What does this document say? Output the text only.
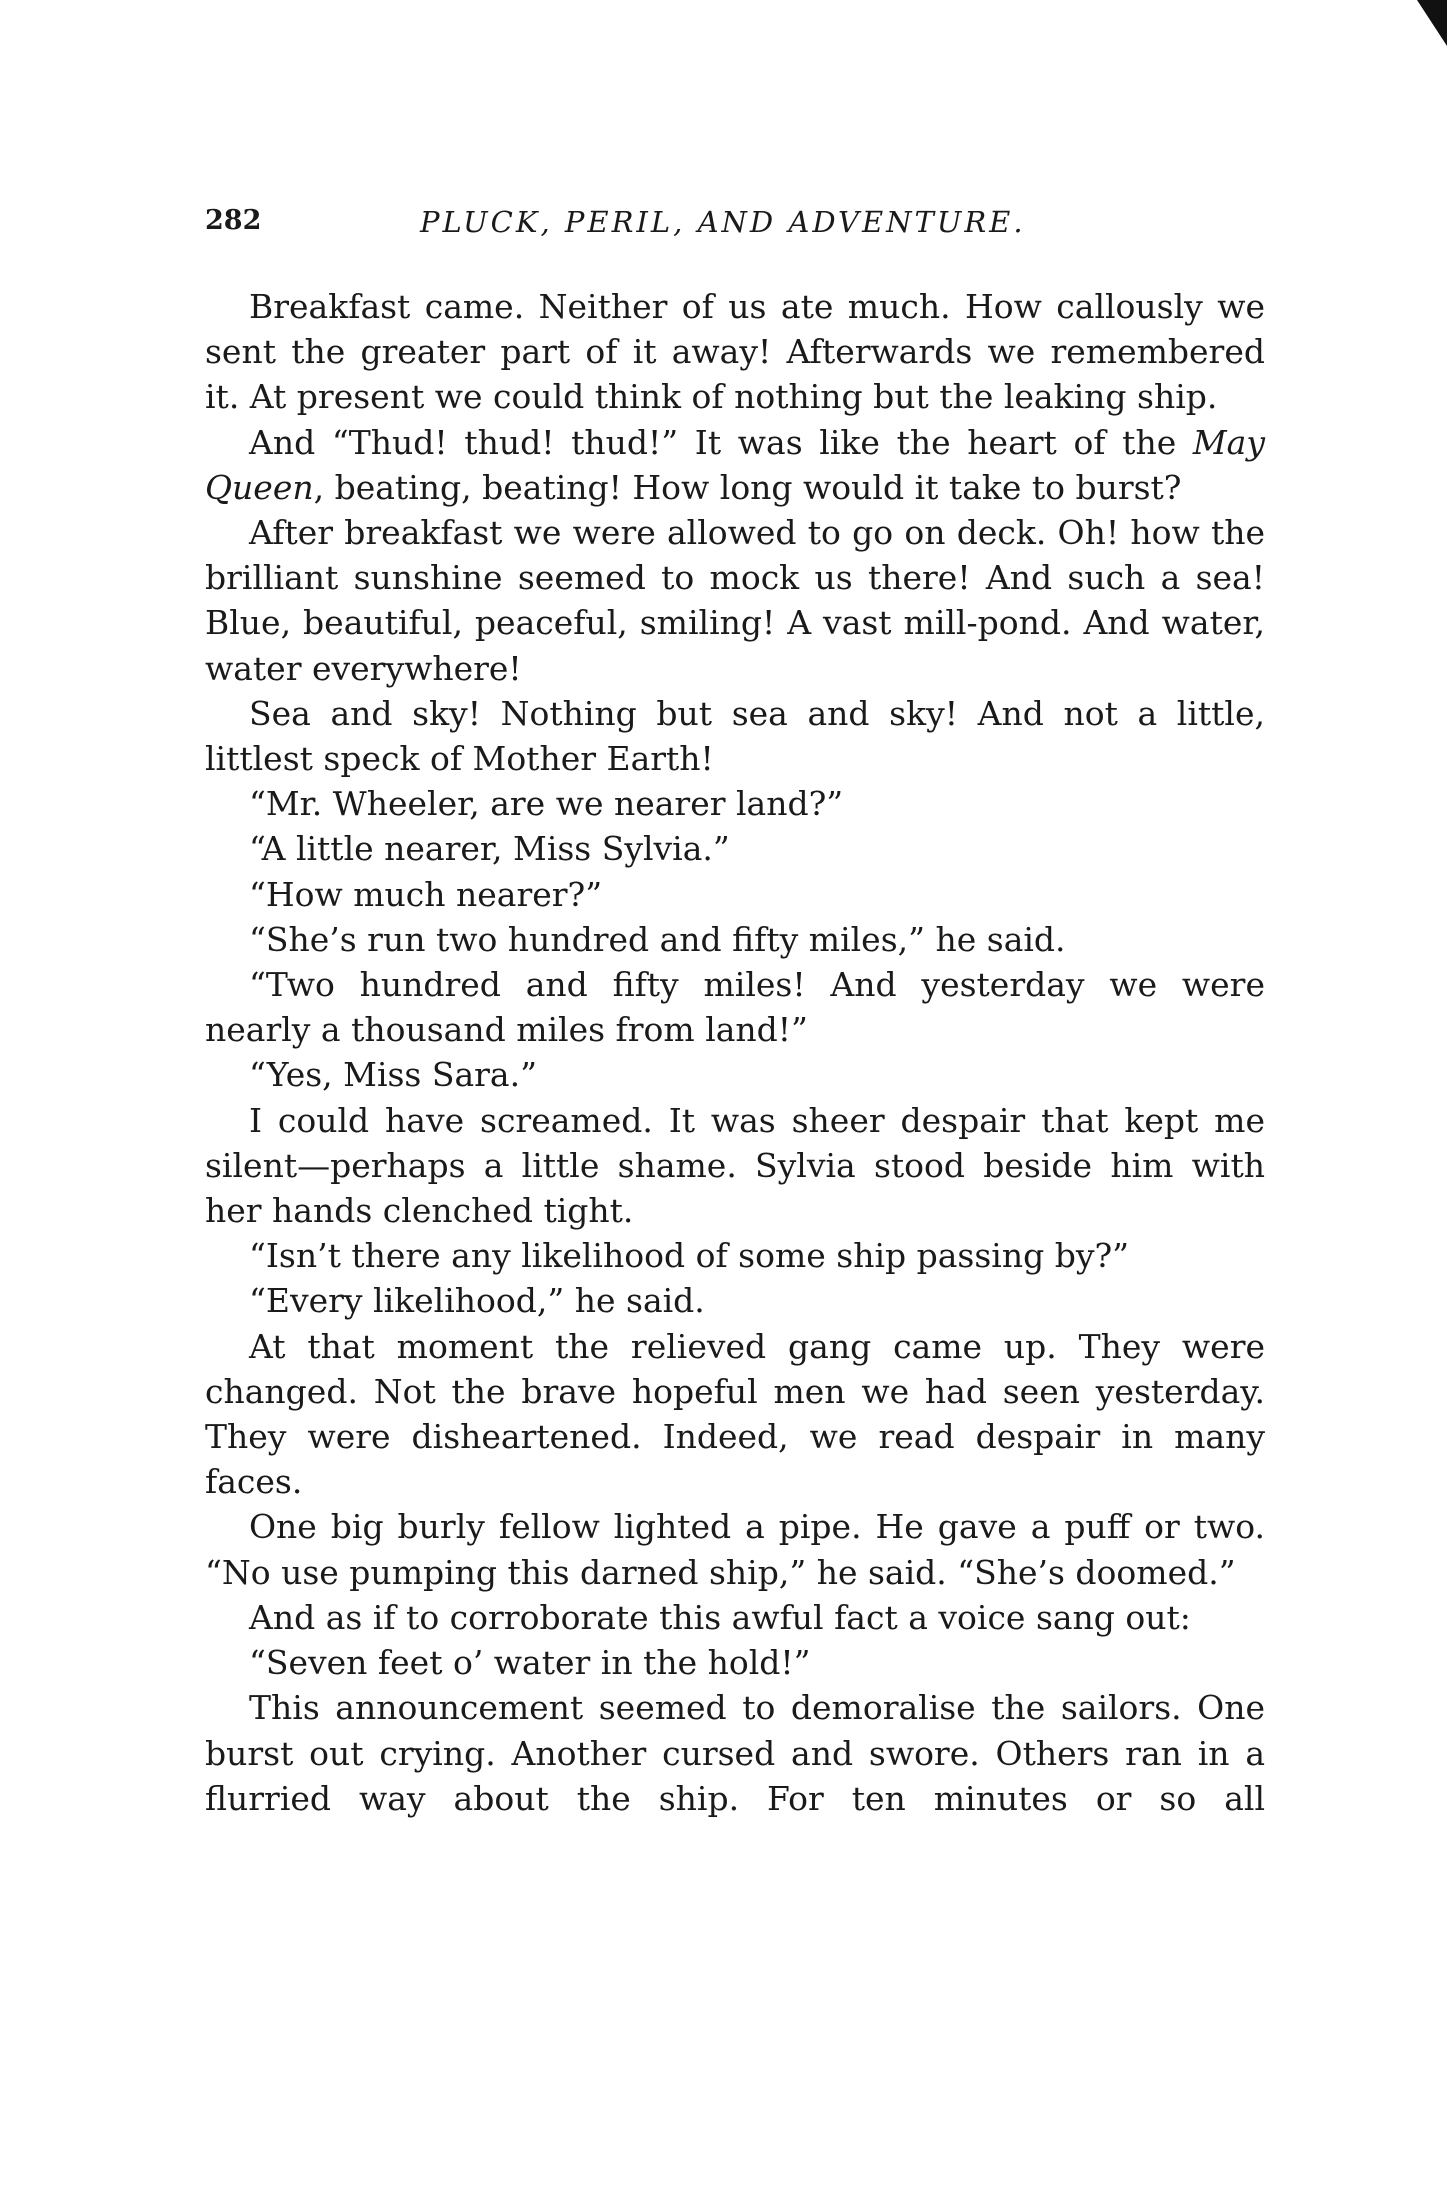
282	PLUCK, PERIL, AND ADVENTURE.

Breakfast came. Neither of us ate much. How callously we sent the greater part of it away! Afterwards we remembered it. At present we could think of nothing but the leaking ship.

And “Thud! thud! thud!” It was like the heart of the May Queen, beating, beating! How long would it take to burst?

After breakfast we were allowed to go on deck. Oh! how the brilliant sunshine seemed to mock us there! And such a sea! Blue, beautiful, peaceful, smiling! A vast mill-pond. And water, water everywhere!

Sea and sky! Nothing but sea and sky! And not a little, littlest speck of Mother Earth!

“Mr. Wheeler, are we nearer land?”

“A little nearer, Miss Sylvia.”

“How much nearer?”

“She’s run two hundred and fifty miles,” he said.

“Two hundred and fifty miles! And yesterday we were nearly a thousand miles from land!”

“Yes, Miss Sara.”

I could have screamed. It was sheer despair that kept me silent—perhaps a little shame. Sylvia stood beside him with her hands clenched tight.

“Isn’t there any likelihood of some ship passing by?”

“Every likelihood,” he said.

At that moment the relieved gang came up. They were changed. Not the brave hopeful men we had seen yesterday. They were disheartened. Indeed, we read despair in many faces.

One big burly fellow lighted a pipe. He gave a puff or two. “No use pumping this darned ship,” he said. “She’s doomed.”

And as if to corroborate this awful fact a voice sang out:

“Seven feet o’ water in the hold!”

This announcement seemed to demoralise the sailors. One burst out crying. Another cursed and swore. Others ran in a flurried way about the ship. For ten minutes or so all
